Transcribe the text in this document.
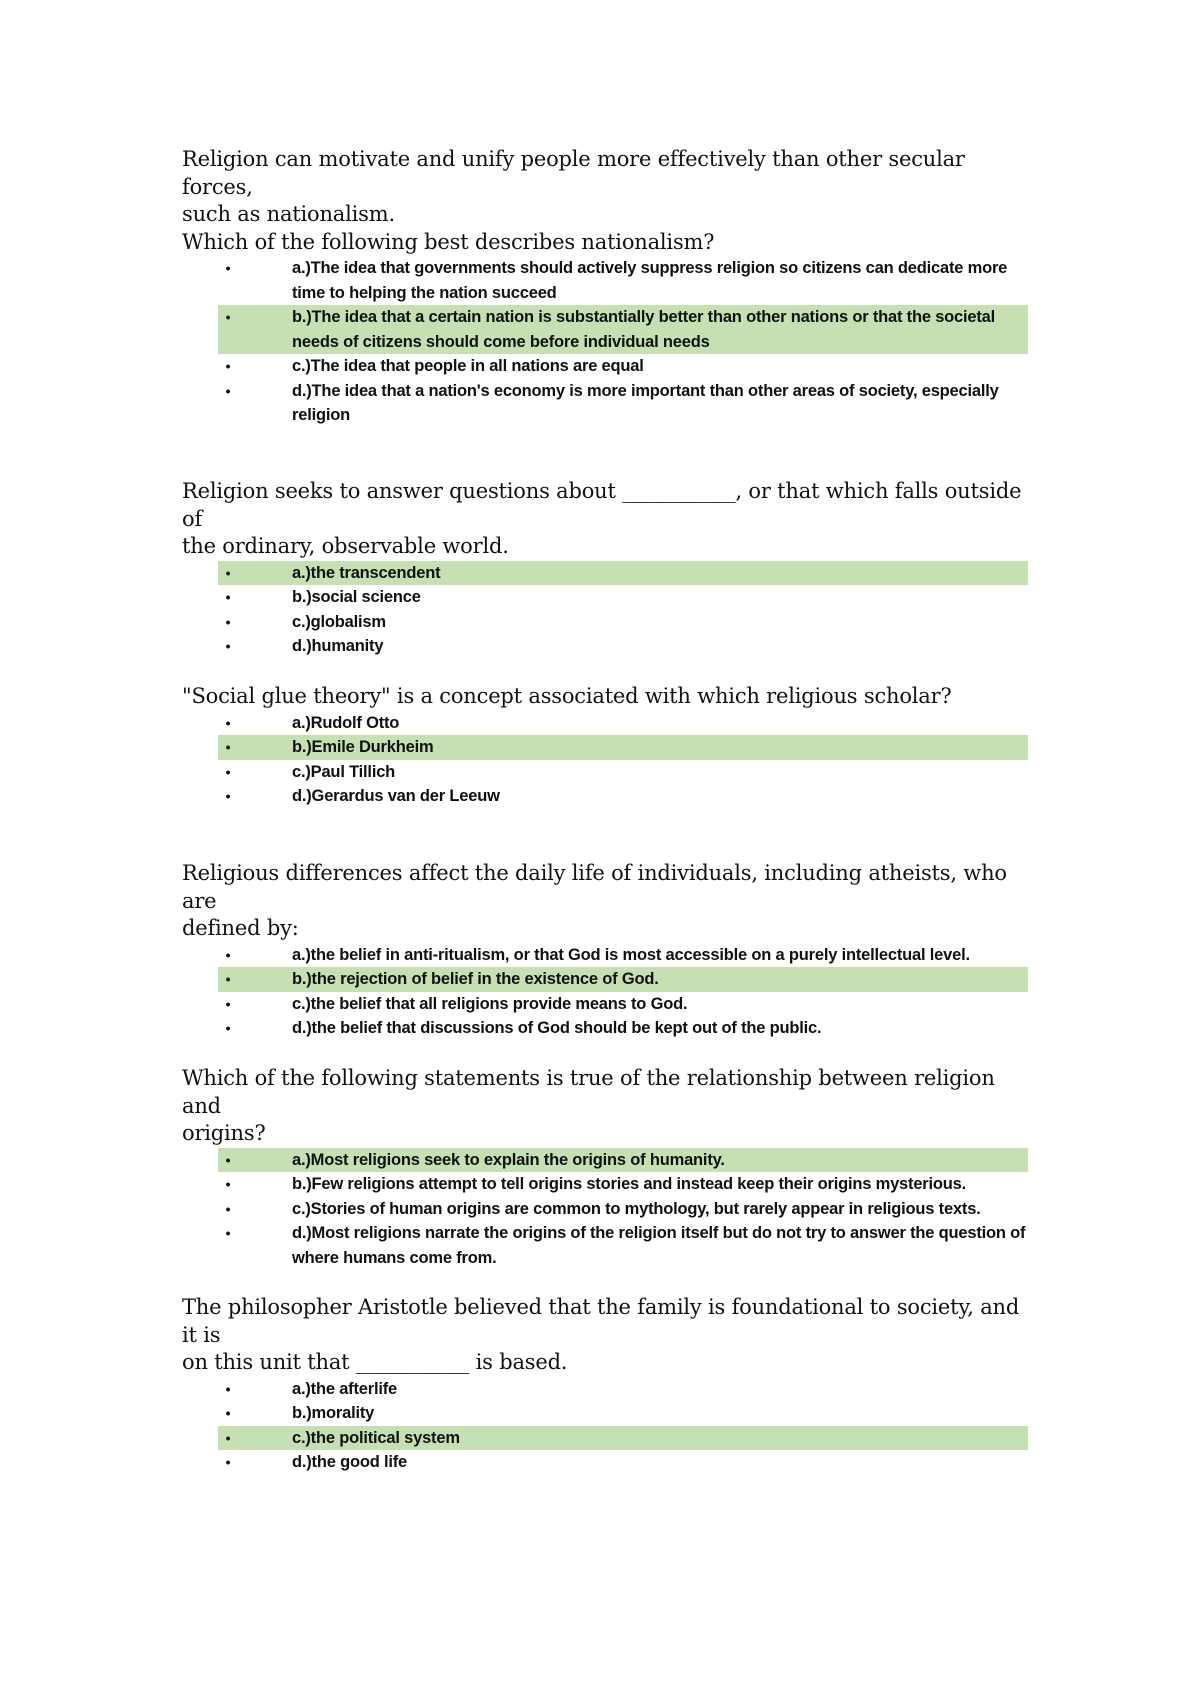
Religion can motivate and unify people more effectively than other secular forces,
such as nationalism.
Which of the following best describes nationalism?

•	a.)The idea that governments should actively suppress religion so citizens can dedicate more time to helping the nation succeed
•	b.)The idea that a certain nation is substantially better than other nations or that the societal needs of citizens should come before individual needs
•	c.)The idea that people in all nations are equal
•	d.)The idea that a nation's economy is more important than other areas of society, especially religion

Religion seeks to answer questions about ___________, or that which falls outside of
the ordinary, observable world.

•	a.)the transcendent
•	b.)social science
•	c.)globalism
•	d.)humanity

"Social glue theory" is a concept associated with which religious scholar?

•	a.)Rudolf Otto
•	b.)Emile Durkheim
•	c.)Paul Tillich
•	d.)Gerardus van der Leeuw

Religious differences affect the daily life of individuals, including atheists, who are
defined by:

•	a.)the belief in anti-ritualism, or that God is most accessible on a purely intellectual level.
•	b.)the rejection of belief in the existence of God.
•	c.)the belief that all religions provide means to God.
•	d.)the belief that discussions of God should be kept out of the public.

Which of the following statements is true of the relationship between religion and
origins?

•	a.)Most religions seek to explain the origins of humanity.
•	b.)Few religions attempt to tell origins stories and instead keep their origins mysterious.
•	c.)Stories of human origins are common to mythology, but rarely appear in religious texts.
•	d.)Most religions narrate the origins of the religion itself but do not try to answer the question of where humans come from.

The philosopher Aristotle believed that the family is foundational to society, and it is
on this unit that ___________ is based.

•	a.)the afterlife
•	b.)morality
•	c.)the political system
•	d.)the good life
